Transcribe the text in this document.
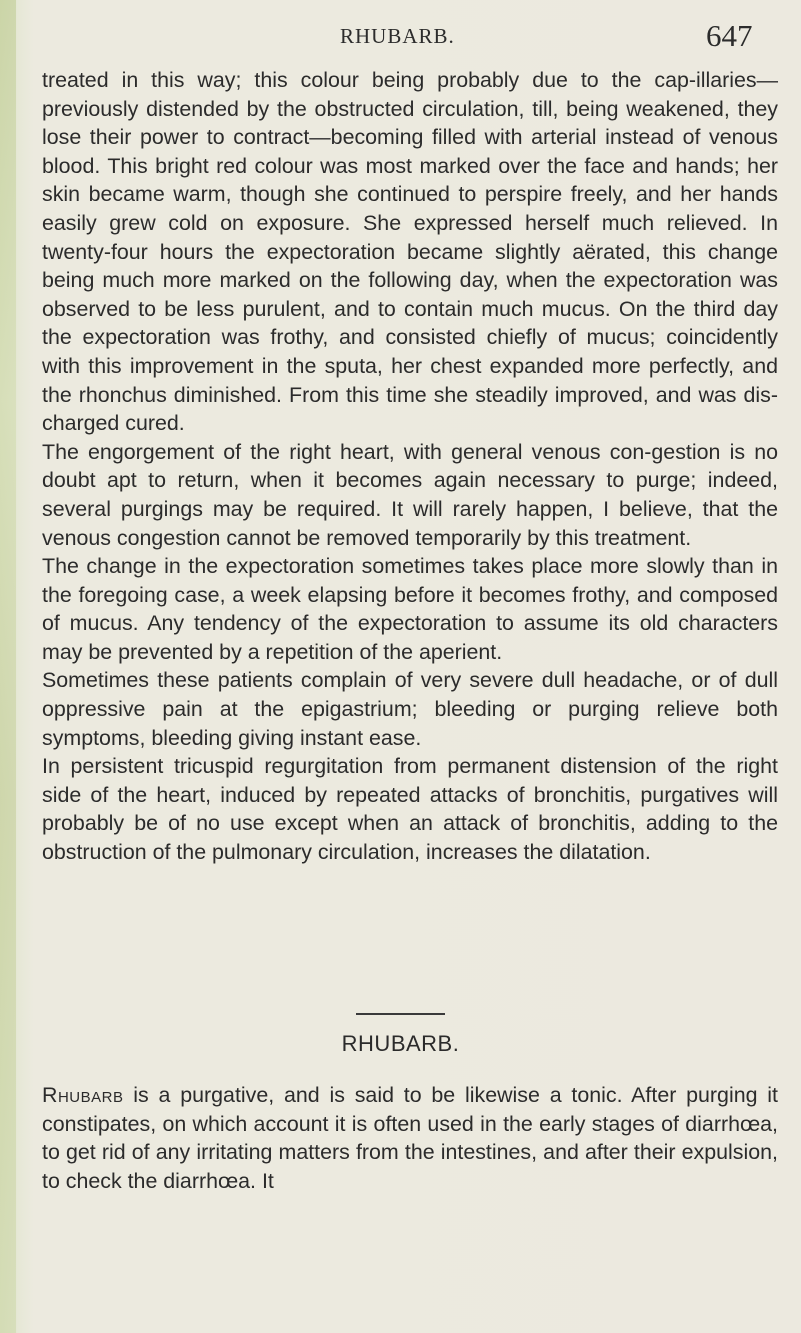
RHUBARB.	647

treated in this way; this colour being probably due to the cap-illaries—previously distended by the obstructed circulation, till, being weakened, they lose their power to contract—becoming filled with arterial instead of venous blood. This bright red colour was most marked over the face and hands; her skin became warm, though she continued to perspire freely, and her hands easily grew cold on exposure. She expressed herself much relieved. In twenty-four hours the expectoration became slightly aërated, this change being much more marked on the following day, when the expectoration was observed to be less purulent, and to contain much mucus. On the third day the expectoration was frothy, and consisted chiefly of mucus; coincidently with this improvement in the sputa, her chest expanded more perfectly, and the rhonchus diminished. From this time she steadily improved, and was dis-charged cured.

The engorgement of the right heart, with general venous con-gestion is no doubt apt to return, when it becomes again necessary to purge; indeed, several purgings may be required. It will rarely happen, I believe, that the venous congestion cannot be removed temporarily by this treatment.

The change in the expectoration sometimes takes place more slowly than in the foregoing case, a week elapsing before it becomes frothy, and composed of mucus. Any tendency of the expectoration to assume its old characters may be prevented by a repetition of the aperient.

Sometimes these patients complain of very severe dull headache, or of dull oppressive pain at the epigastrium; bleeding or purging relieve both symptoms, bleeding giving instant ease.

In persistent tricuspid regurgitation from permanent distension of the right side of the heart, induced by repeated attacks of bronchitis, purgatives will probably be of no use except when an attack of bronchitis, adding to the obstruction of the pulmonary circulation, increases the dilatation.

RHUBARB.

Rhubarb is a purgative, and is said to be likewise a tonic. After purging it constipates, on which account it is often used in the early stages of diarrhœa, to get rid of any irritating matters from the intestines, and after their expulsion, to check the diarrhœa. It
